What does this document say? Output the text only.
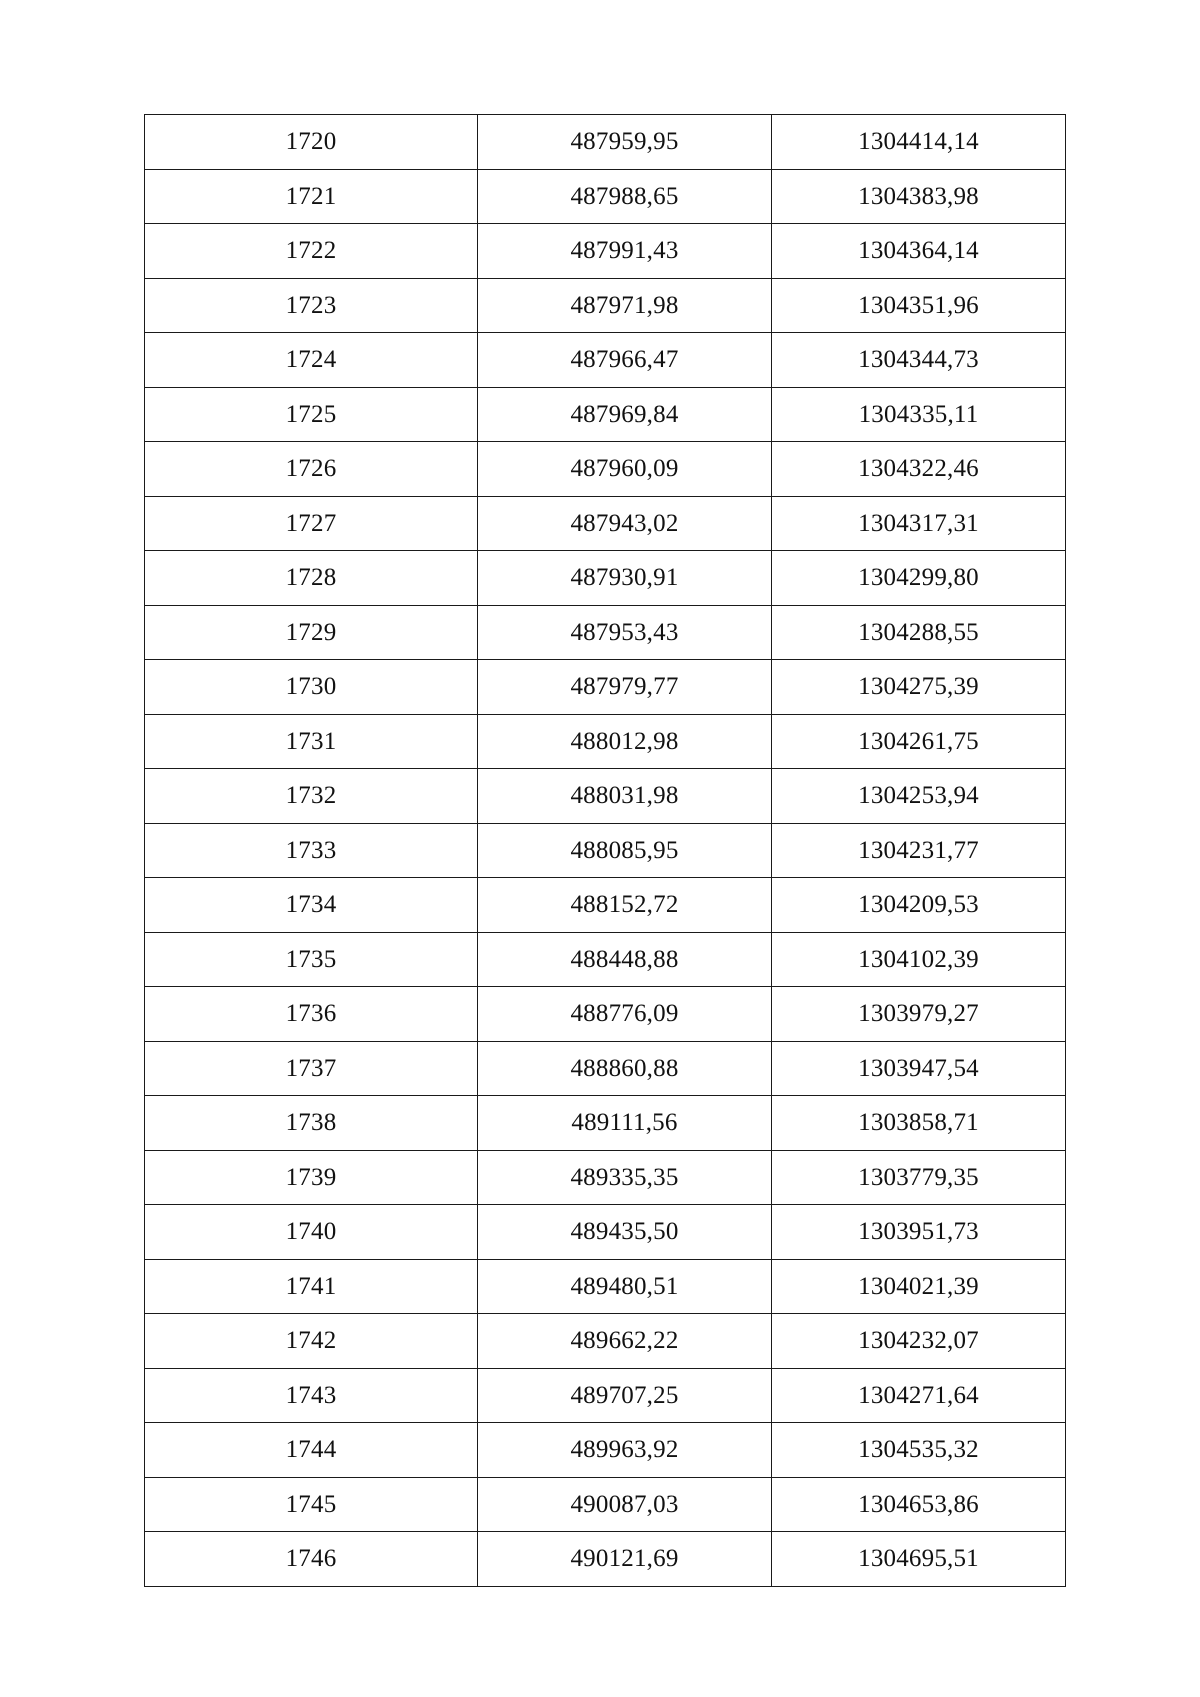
1720	487959,95	1304414,14
1721	487988,65	1304383,98
1722	487991,43	1304364,14
1723	487971,98	1304351,96
1724	487966,47	1304344,73
1725	487969,84	1304335,11
1726	487960,09	1304322,46
1727	487943,02	1304317,31
1728	487930,91	1304299,80
1729	487953,43	1304288,55
1730	487979,77	1304275,39
1731	488012,98	1304261,75
1732	488031,98	1304253,94
1733	488085,95	1304231,77
1734	488152,72	1304209,53
1735	488448,88	1304102,39
1736	488776,09	1303979,27
1737	488860,88	1303947,54
1738	489111,56	1303858,71
1739	489335,35	1303779,35
1740	489435,50	1303951,73
1741	489480,51	1304021,39
1742	489662,22	1304232,07
1743	489707,25	1304271,64
1744	489963,92	1304535,32
1745	490087,03	1304653,86
1746	490121,69	1304695,51
